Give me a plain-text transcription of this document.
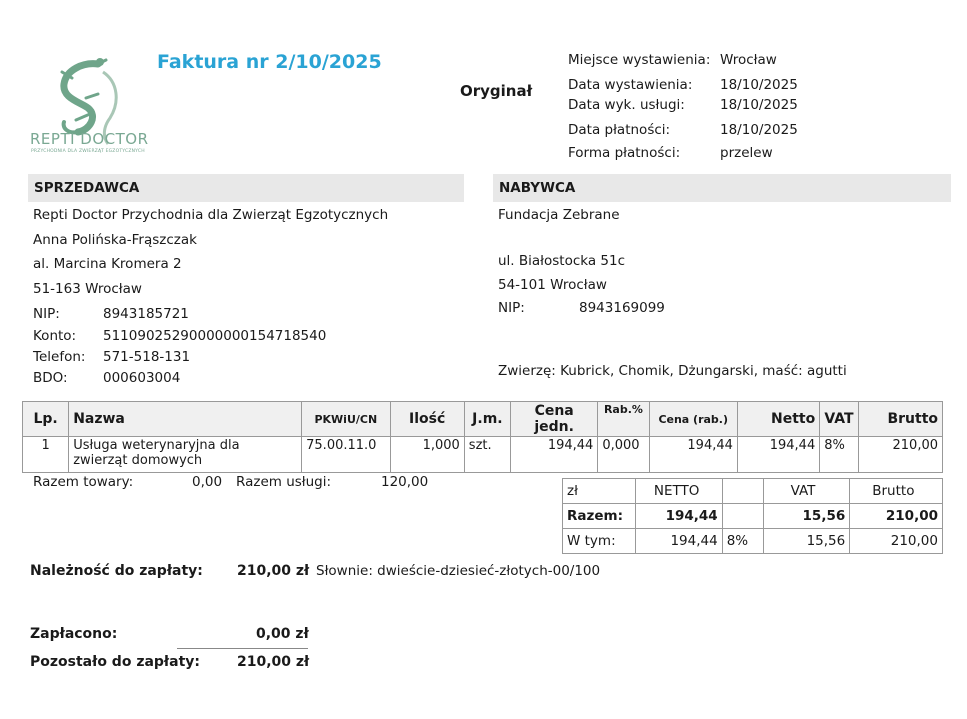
REPTI DOCTOR
PRZYCHODNIA DLA ZWIERZĄT EGZOTYCZNYCH
Faktura nr 2/10/2025
Oryginał
Miejsce wystawienia: Wrocław
Data wystawienia: 18/10/2025
Data wyk. usługi:	18/10/2025
Data płatności:	18/10/2025
Forma płatności:	przelew
SPRZEDAWCA
Repti Doctor Przychodnia dla Zwierząt Egzotycznych
Anna Polińska-Frąszczak
al. Marcina Kromera 2
51-163 Wrocław
NIP:	8943185721
Konto: 51109025290000000154718540
Telefon: 571-518-131
BDO:	000603004
NABYWCA
Fundacja Zebrane
ul. Białostocka 51c
54-101 Wrocław
NIP:	8943169099
Zwierzę: Kubrick, Chomik, Dżungarski, maść: agutti
Lp.	Nazwa	PKWiU/CN	Ilość	J.m.	Cena jedn.	Rab.%	Cena (rab.)	Netto	VAT	Brutto
1	Usługa weterynaryjna dla zwierząt domowych	75.00.11.0	1,000	szt.	194,44	0,000	194,44	194,44	8%	210,00
Razem towary:	0,00 Razem usługi:	120,00
zł	NETTO		VAT	Brutto
Razem:	194,44		15,56	210,00
W tym:	194,44	8%	15,56	210,00
Należność do zapłaty: 210,00 zł Słownie: dwieście-dziesieć-złotych-00/100
Zapłacono:	0,00 zł
Pozostało do zapłaty:	210,00 zł
